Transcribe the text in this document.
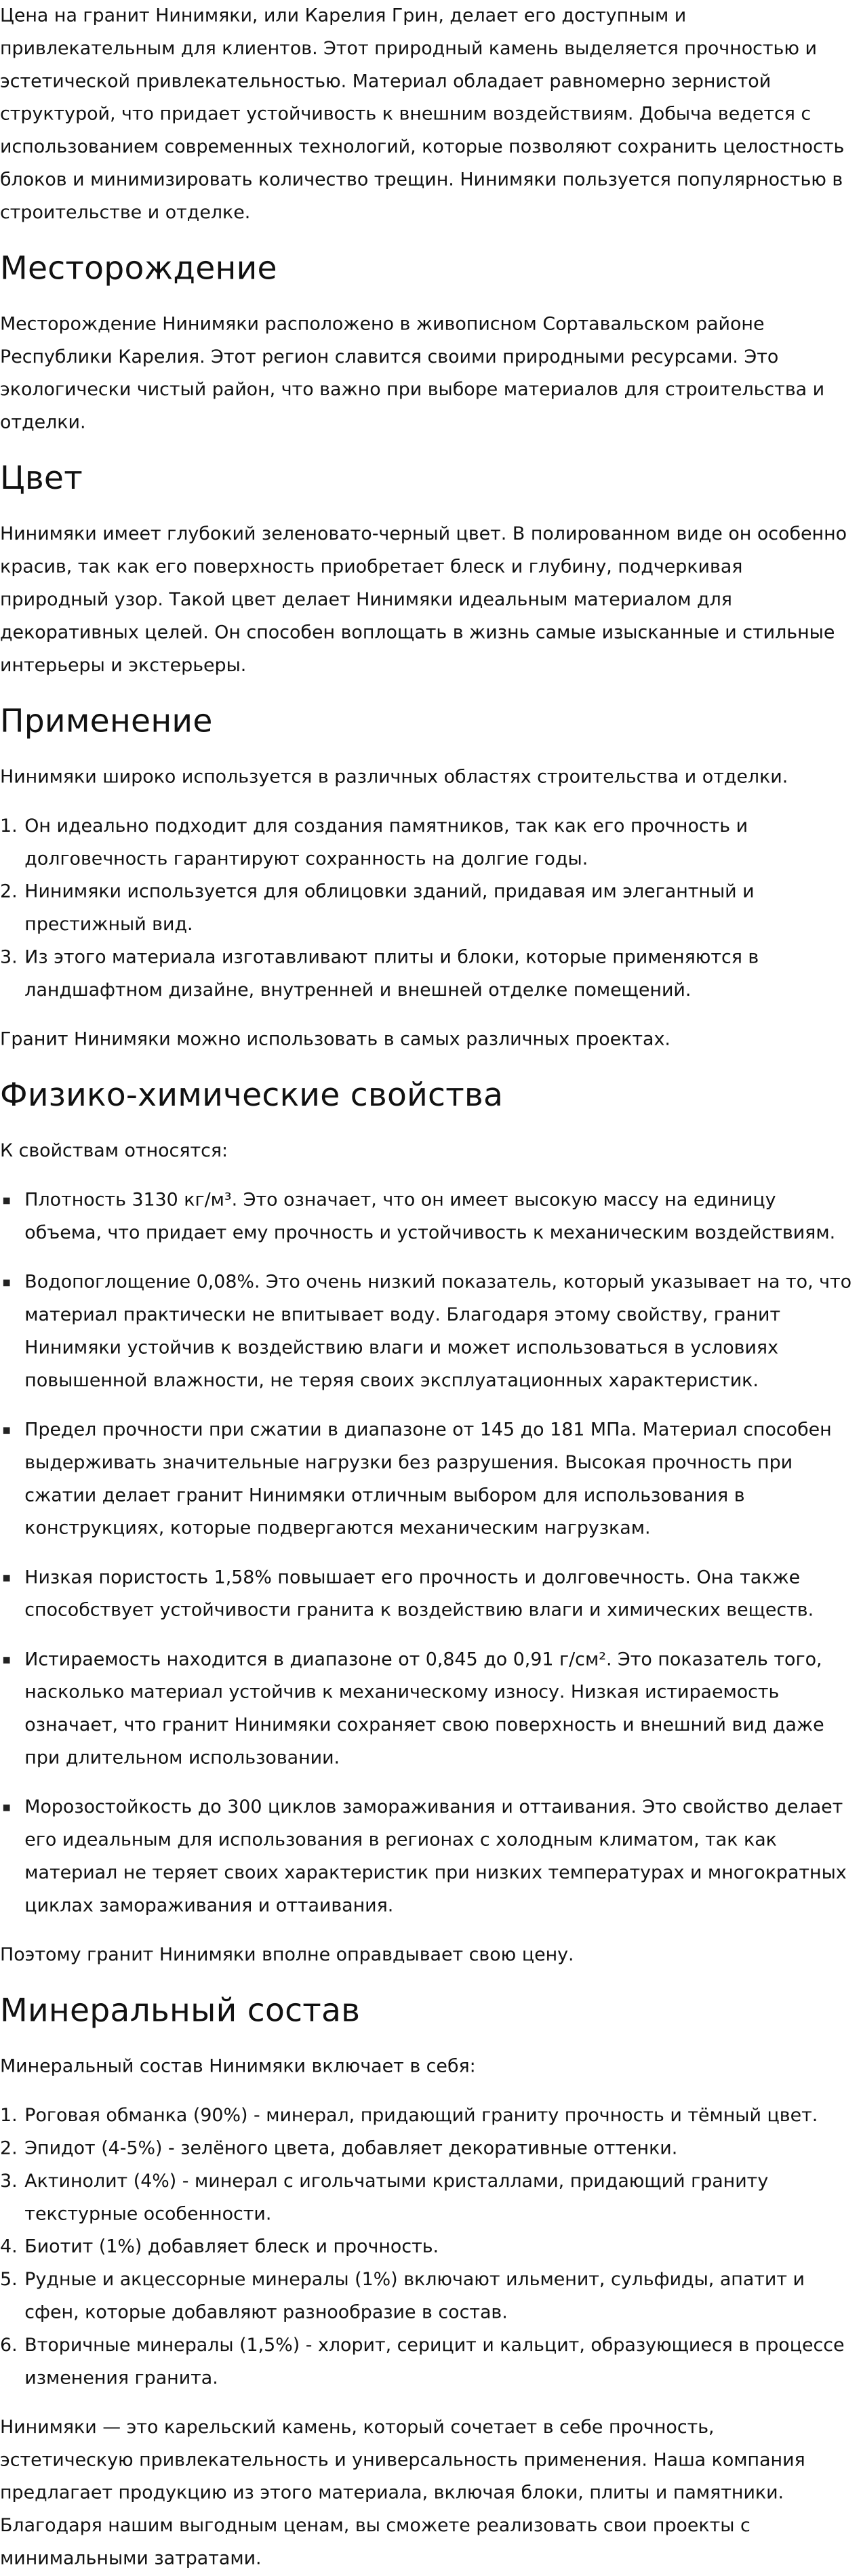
Цена на гранит Нинимяки, или Карелия Грин, делает его доступным и привлекательным для клиентов. Этот природный камень выделяется прочностью и эстетической привлекательностью. Материал обладает равномерно зернистой структурой, что придает устойчивость к внешним воздействиям. Добыча ведется с использованием современных технологий, которые позволяют сохранить целостность блоков и минимизировать количество трещин. Нинимяки пользуется популярностью в строительстве и отделке.

Месторождение

Месторождение Нинимяки расположено в живописном Сортавальском районе Республики Карелия. Этот регион славится своими природными ресурсами. Это экологически чистый район, что важно при выборе материалов для строительства и отделки.

Цвет

Нинимяки имеет глубокий зеленовато-черный цвет. В полированном виде он особенно красив, так как его поверхность приобретает блеск и глубину, подчеркивая природный узор. Такой цвет делает Нинимяки идеальным материалом для декоративных целей. Он способен воплощать в жизнь самые изысканные и стильные интерьеры и экстерьеры.

Применение

Нинимяки широко используется в различных областях строительства и отделки.

1. Он идеально подходит для создания памятников, так как его прочность и долговечность гарантируют сохранность на долгие годы.
2. Нинимяки используется для облицовки зданий, придавая им элегантный и престижный вид.
3. Из этого материала изготавливают плиты и блоки, которые применяются в ландшафтном дизайне, внутренней и внешней отделке помещений.

Гранит Нинимяки можно использовать в самых различных проектах.

Физико-химические свойства

К свойствам относятся:

Плотность 3130 кг/м³. Это означает, что он имеет высокую массу на единицу объема, что придает ему прочность и устойчивость к механическим воздействиям.
Водопоглощение 0,08%. Это очень низкий показатель, который указывает на то, что материал практически не впитывает воду. Благодаря этому свойству, гранит Нинимяки устойчив к воздействию влаги и может использоваться в условиях повышенной влажности, не теряя своих эксплуатационных характеристик.
Предел прочности при сжатии в диапазоне от 145 до 181 МПа. Материал способен выдерживать значительные нагрузки без разрушения. Высокая прочность при сжатии делает гранит Нинимяки отличным выбором для использования в конструкциях, которые подвергаются механическим нагрузкам.
Низкая пористость 1,58% повышает его прочность и долговечность. Она также способствует устойчивости гранита к воздействию влаги и химических веществ.
Истираемость находится в диапазоне от 0,845 до 0,91 г/см². Это показатель того, насколько материал устойчив к механическому износу. Низкая истираемость означает, что гранит Нинимяки сохраняет свою поверхность и внешний вид даже при длительном использовании.
Морозостойкость до 300 циклов замораживания и оттаивания. Это свойство делает его идеальным для использования в регионах с холодным климатом, так как материал не теряет своих характеристик при низких температурах и многократных циклах замораживания и оттаивания.

Поэтому гранит Нинимяки вполне оправдывает свою цену.

Минеральный состав

Минеральный состав Нинимяки включает в себя:

1. Роговая обманка (90%) - минерал, придающий граниту прочность и тёмный цвет.
2. Эпидот (4-5%) - зелёного цвета, добавляет декоративные оттенки.
3. Актинолит (4%) - минерал с игольчатыми кристаллами, придающий граниту текстурные особенности.
4. Биотит (1%) добавляет блеск и прочность.
5. Рудные и акцессорные минералы (1%) включают ильменит, сульфиды, апатит и сфен, которые добавляют разнообразие в состав.
6. Вторичные минералы (1,5%) - хлорит, серицит и кальцит, образующиеся в процессе изменения гранита.

Нинимяки — это карельский камень, который сочетает в себе прочность, эстетическую привлекательность и универсальность применения. Наша компания предлагает продукцию из этого материала, включая блоки, плиты и памятники. Благодаря нашим выгодным ценам, вы сможете реализовать свои проекты с минимальными затратами.
